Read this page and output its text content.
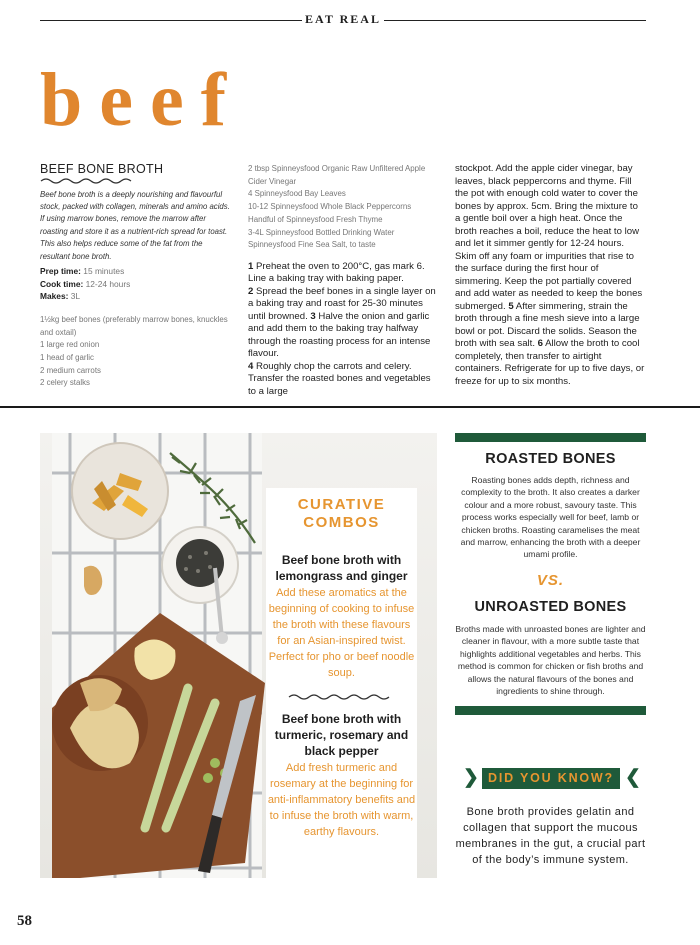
EAT REAL
beef
BEEF BONE BROTH
Beef bone broth is a deeply nourishing and flavourful stock, packed with collagen, minerals and amino acids. If using marrow bones, remove the marrow after roasting and store it as a nutrient-rich spread for toast. This also helps reduce some of the fat from the resultant bone broth.
Prep time: 15 minutes
Cook time: 12-24 hours
Makes: 3L
1½kg beef bones (preferably marrow bones, knuckles and oxtail)
1 large red onion
1 head of garlic
2 medium carrots
2 celery stalks
2 tbsp Spinneysfood Organic Raw Unfiltered Apple Cider Vinegar
4 Spinneysfood Bay Leaves
10-12 Spinneysfood Whole Black Peppercorns
Handful of Spinneysfood Fresh Thyme
3-4L Spinneysfood Bottled Drinking Water
Spinneysfood Fine Sea Salt, to taste
1 Preheat the oven to 200°C, gas mark 6. Line a baking tray with baking paper.
2 Spread the beef bones in a single layer on a baking tray and roast for 25-30 minutes until browned. 3 Halve the onion and garlic and add them to the baking tray halfway through the roasting process for an intense flavour.
4 Roughly chop the carrots and celery. Transfer the roasted bones and vegetables to a large
stockpot. Add the apple cider vinegar, bay leaves, black peppercorns and thyme. Fill the pot with enough cold water to cover the bones by approx. 5cm. Bring the mixture to a gentle boil over a high heat. Once the broth reaches a boil, reduce the heat to low and let it simmer gently for 12-24 hours. Skim off any foam or impurities that rise to the surface during the first hour of simmering. Keep the pot partially covered and add water as needed to keep the bones submerged. 5 After simmering, strain the broth through a fine mesh sieve into a large bowl or pot. Discard the solids. Season the broth with sea salt. 6 Allow the broth to cool completely, then transfer to airtight containers. Refrigerate for up to five days, or freeze for up to six months.
CURATIVE
COMBOS
Beef bone broth with lemongrass and ginger
Add these aromatics at the beginning of cooking to infuse the broth with these flavours for an Asian-inspired twist. Perfect for pho or beef noodle soup.
Beef bone broth with turmeric, rosemary and black pepper
Add fresh turmeric and rosemary at the beginning for anti-inflammatory benefits and to infuse the broth with warm, earthy flavours.
ROASTED BONES
Roasting bones adds depth, richness and complexity to the broth. It also creates a darker colour and a more robust, savoury taste. This process works especially well for beef, lamb or chicken broths. Roasting caramelises the meat and marrow, enhancing the broth with a deeper umami profile.
VS.
UNROASTED BONES
Broths made with unroasted bones are lighter and cleaner in flavour, with a more subtle taste that highlights additional vegetables and herbs. This method is common for chicken or fish broths and allows the natural flavours of the bones and ingredients to shine through.
❯ DID YOU KNOW? ❮
Bone broth provides gelatin and collagen that support the mucous membranes in the gut, a crucial part of the body’s immune system.
58
